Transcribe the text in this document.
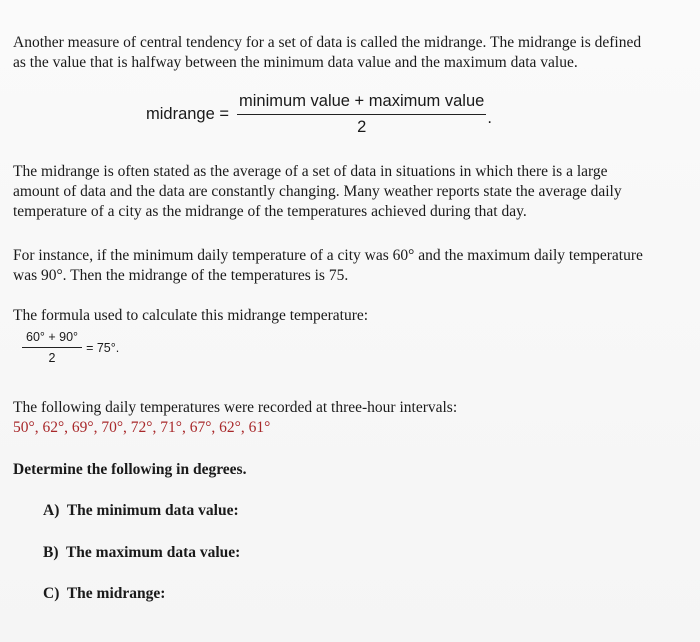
Another measure of central tendency for a set of data is called the midrange. The midrange is defined
as the value that is halfway between the minimum data value and the maximum data value.

midrange = $\frac{\text{minimum value + maximum value}}{2}$ .

The midrange is often stated as the average of a set of data in situations in which there is a large
amount of data and the data are constantly changing. Many weather reports state the average daily
temperature of a city as the midrange of the temperatures achieved during that day.

For instance, if the minimum daily temperature of a city was 60° and the maximum daily temperature
was 90°. Then the midrange of the temperatures is 75.

The formula used to calculate this midrange temperature:

$\frac{60^\circ + 90^\circ}{2} = 75^\circ$.

The following daily temperatures were recorded at three-hour intervals:

50°, 62°, 69°, 70°, 72°, 71°, 67°, 62°, 61°

Determine the following in degrees.

A)  The minimum data value:

B)  The maximum data value:

C)  The midrange:
